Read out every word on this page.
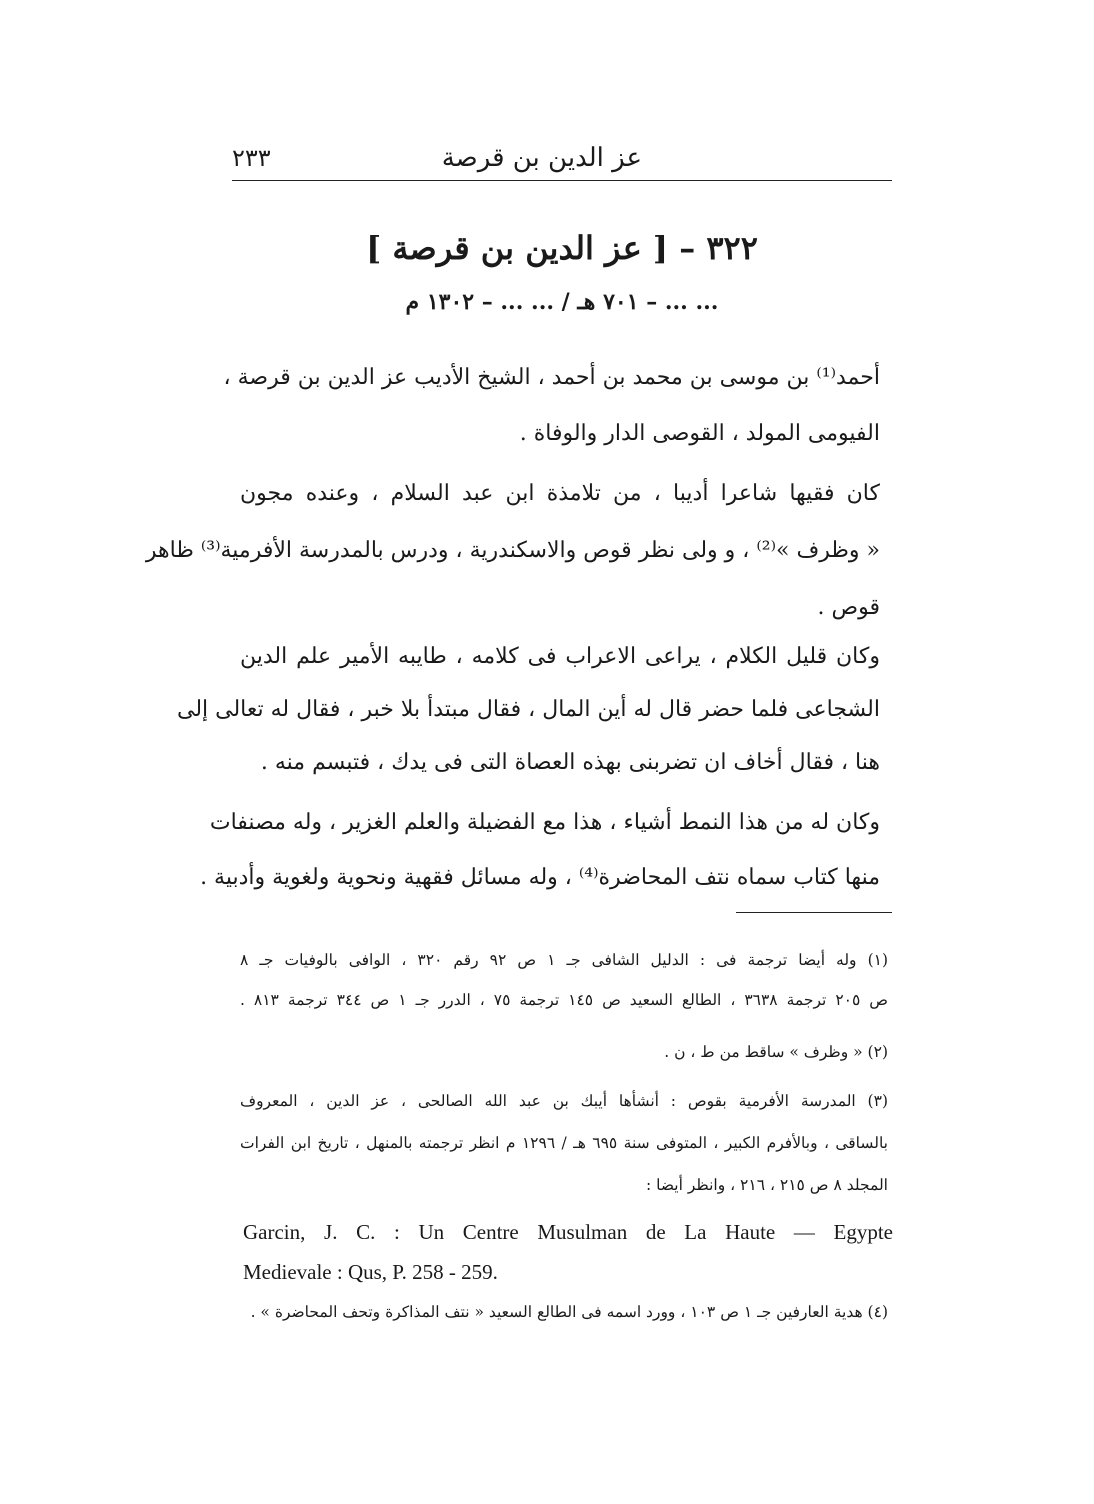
عز الدين بن قرصة
٢٣٣
٣٢٢ – [ عز الدين بن قرصة ]
... ... – ٧٠١ هـ / ... ... – ١٣٠٢ م
أحمد⁽¹⁾ بن موسى بن محمد بن أحمد ، الشيخ الأديب عز الدين بن قرصة ،
الفيومى المولد ، القوصى الدار والوفاة .
كان فقيها شاعرا أديبا ، من تلامذة ابن عبد السلام ، وعنده مجون
« وظرف »⁽²⁾ ، و ولى نظر قوص والاسكندرية ، ودرس بالمدرسة الأفرمية⁽³⁾ ظاهر
قوص .
وكان قليل الكلام ، يراعى الاعراب فى كلامه ، طايبه الأمير علم الدين
الشجاعى فلما حضر قال له أين المال ، فقال مبتدأ بلا خبر ، فقال له تعالى إلى
هنا ، فقال أخاف ان تضربنى بهذه العصاة التى فى يدك ، فتبسم منه .
وكان له من هذا النمط أشياء ، هذا مع الفضيلة والعلم الغزير ، وله مصنفات
منها كتاب سماه نتف المحاضرة⁽⁴⁾ ، وله مسائل فقهية ونحوية ولغوية وأدبية .
(١) وله أيضا ترجمة فى : الدليل الشافى جـ ١ ص ٩٢ رقم ٣٢٠ ، الوافى بالوفيات جـ ٨
ص ٢٠٥ ترجمة ٣٦٣٨ ، الطالع السعيد ص ١٤٥ ترجمة ٧٥ ، الدرر جـ ١ ص ٣٤٤ ترجمة ٨١٣ .
(٢) « وظرف » ساقط من ط ، ن .
(٣) المدرسة الأفرمية بقوص : أنشأها أيبك بن عبد الله الصالحى ، عز الدين ، المعروف
بالساقى ، وبالأفرم الكبير ، المتوفى سنة ٦٩٥ هـ / ١٢٩٦ م انظر ترجمته بالمنهل ، تاريخ ابن الفرات
المجلد ٨ ص ٢١٥ ، ٢١٦ ، وانظر أيضا :
Garcin, J. C. : Un Centre Musulman de La Haute — Egypte
Medievale : Qus, P. 258 - 259.
(٤) هدية العارفين جـ ١ ص ١٠٣ ، وورد اسمه فى الطالع السعيد « نتف المذاكرة وتحف المحاضرة » .
